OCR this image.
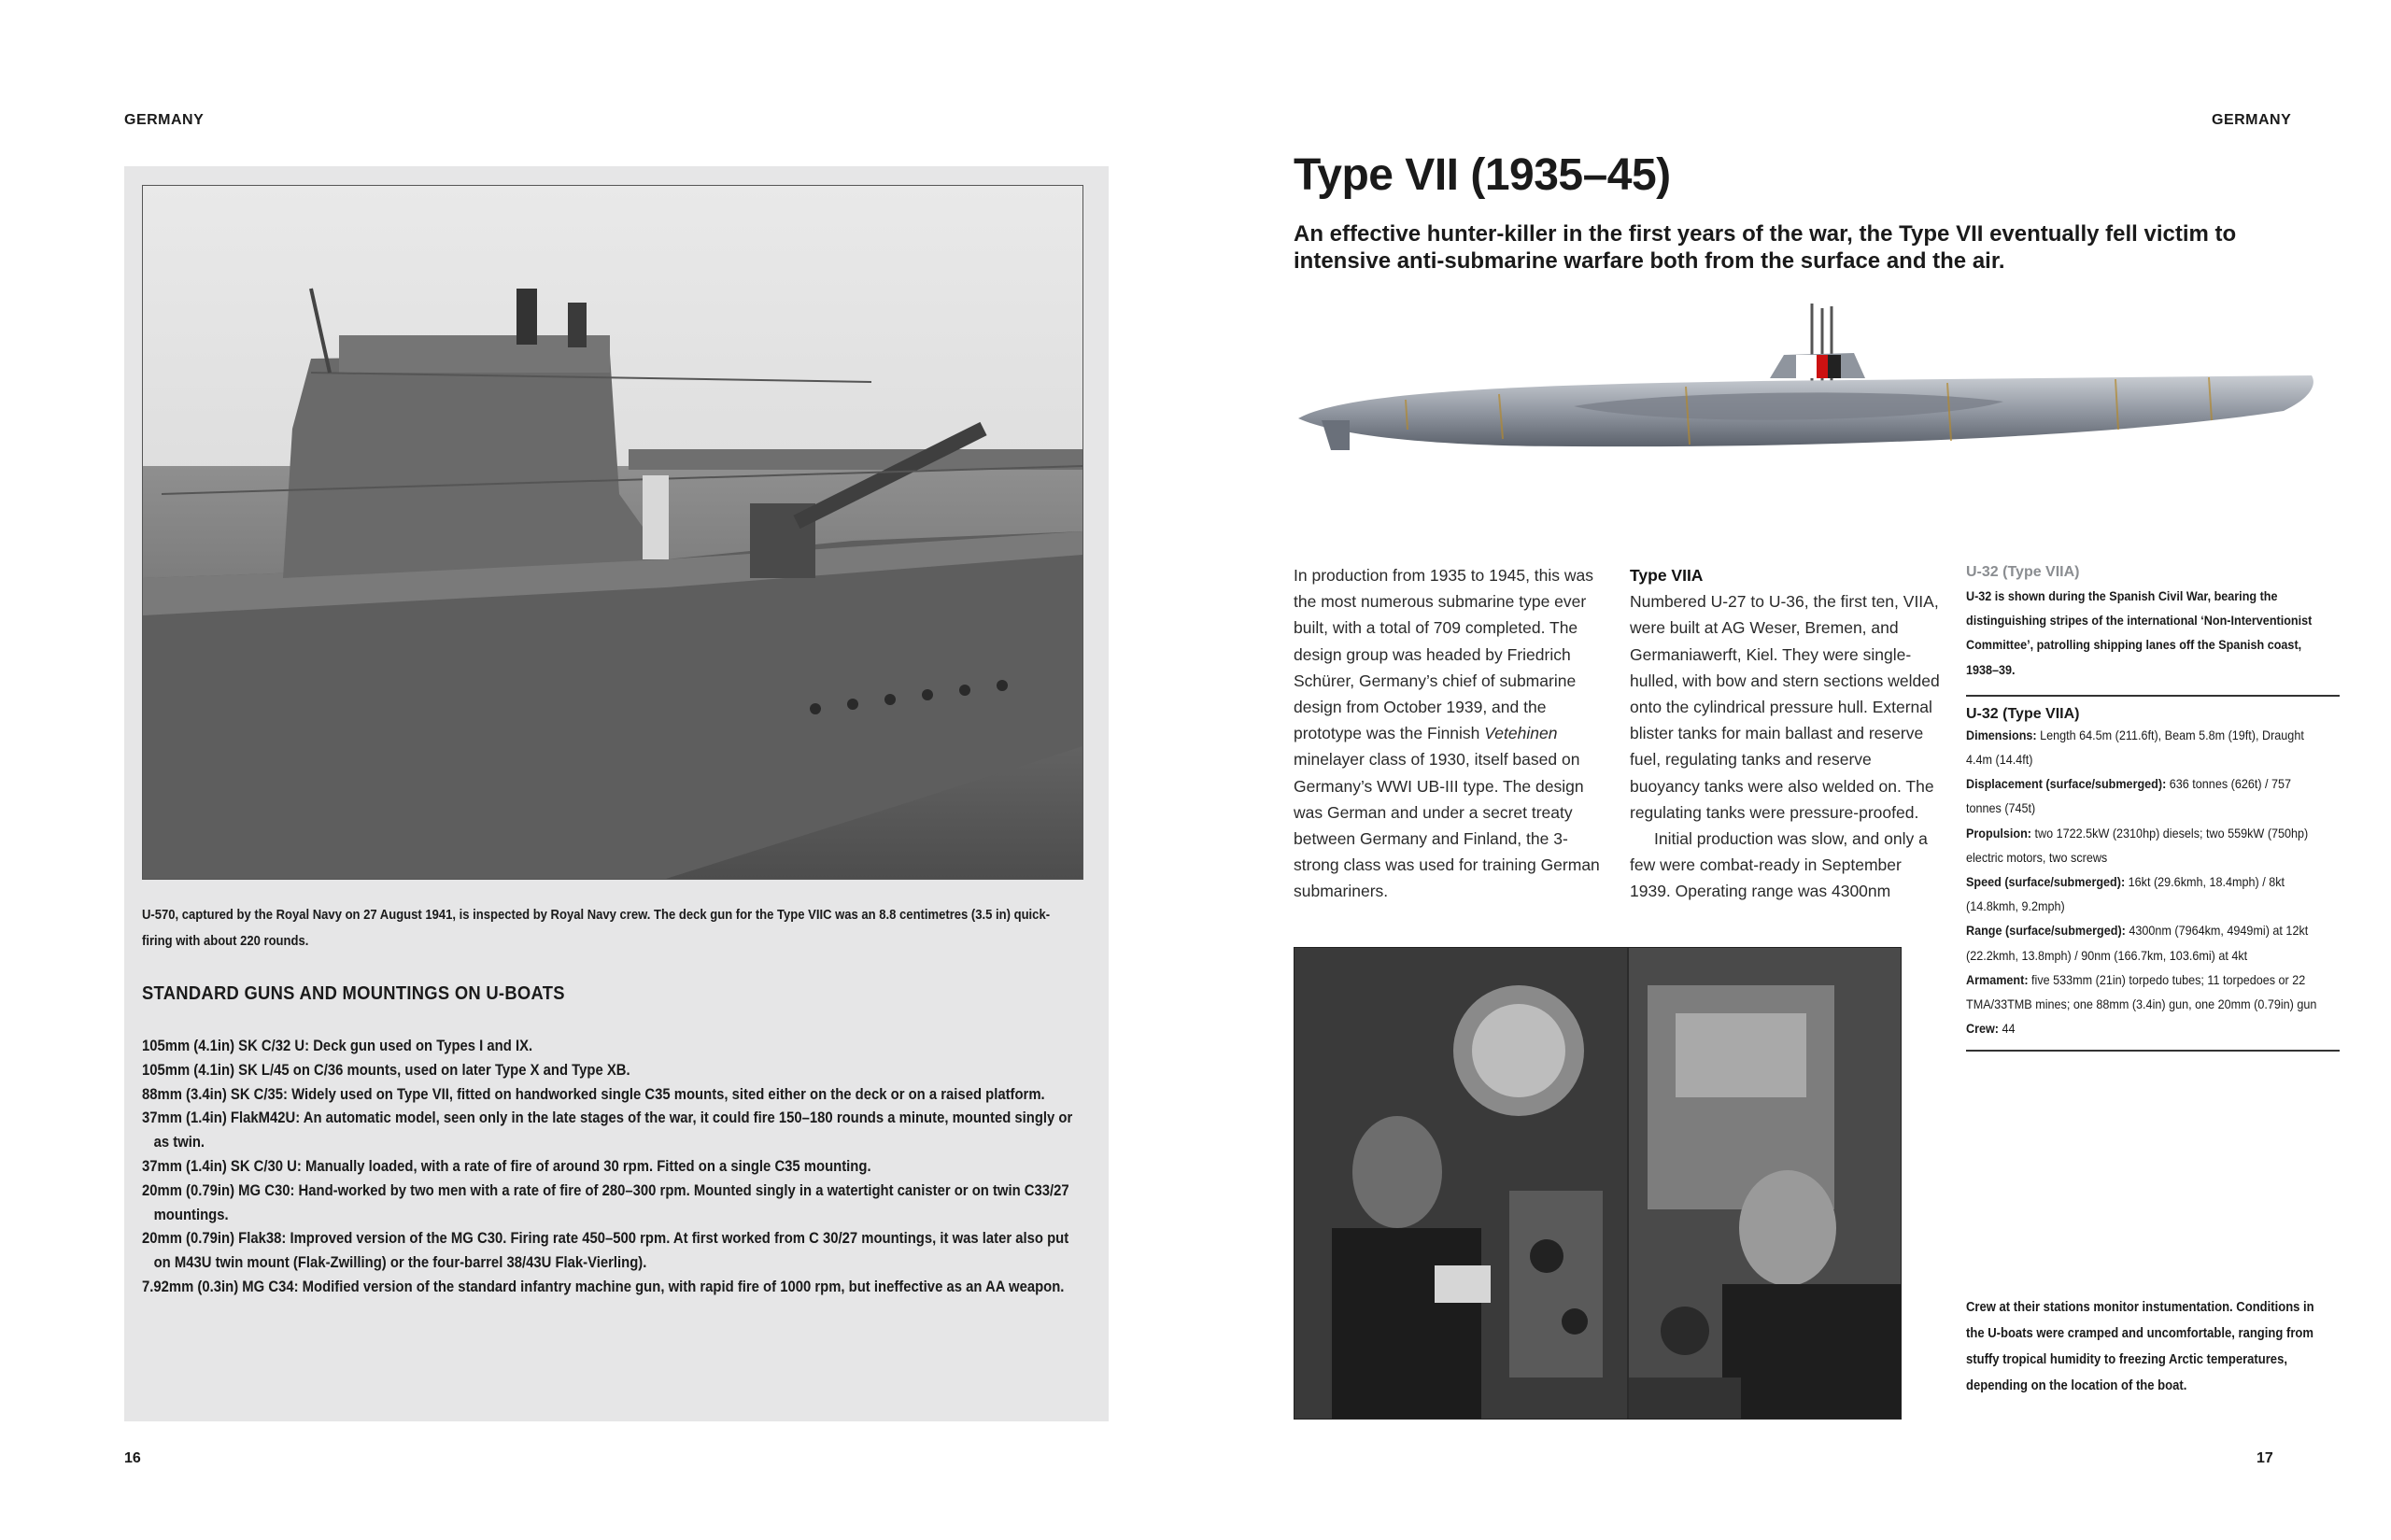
GERMANY	GERMANY
16	17
U-570, captured by the Royal Navy on 27 August 1941, is inspected by Royal Navy crew. The deck gun for the Type VIIC was an 8.8 centimetres (3.5 in) quick-firing with about 220 rounds.
STANDARD GUNS AND MOUNTINGS ON U-BOATS
105mm (4.1in) SK C/32 U: Deck gun used on Types I and IX.
105mm (4.1in) SK L/45 on C/36 mounts, used on later Type X and Type XB.
88mm (3.4in) SK C/35: Widely used on Type VII, fitted on handworked single C35 mounts, sited either on the deck or on a raised platform.
37mm (1.4in) FlakM42U: An automatic model, seen only in the late stages of the war, it could fire 150–180 rounds a minute, mounted singly or as twin.
37mm (1.4in) SK C/30 U: Manually loaded, with a rate of fire of around 30 rpm. Fitted on a single C35 mounting.
20mm (0.79in) MG C30: Hand-worked by two men with a rate of fire of 280–300 rpm. Mounted singly in a watertight canister or on twin C33/27 mountings.
20mm (0.79in) Flak38: Improved version of the MG C30. Firing rate 450–500 rpm. At first worked from C 30/27 mountings, it was later also put on M43U twin mount (Flak-Zwilling) or the four-barrel 38/43U Flak-Vierling).
7.92mm (0.3in) MG C34: Modified version of the standard infantry machine gun, with rapid fire of 1000 rpm, but ineffective as an AA weapon.
Type VII (1935–45)
An effective hunter-killer in the first years of the war, the Type VII eventually fell victim to intensive anti-submarine warfare both from the surface and the air.
In production from 1935 to 1945, this was the most numerous submarine type ever built, with a total of 709 completed. The design group was headed by Friedrich Schürer, Germany’s chief of submarine design from October 1939, and the prototype was the Finnish Vetehinen minelayer class of 1930, itself based on Germany’s WWI UB-III type. The design was German and under a secret treaty between Germany and Finland, the 3-strong class was used for training German submariners.
Type VIIA

Numbered U-27 to U-36, the first ten, VIIA, were built at AG Weser, Bremen, and Germaniawerft, Kiel. They were single-hulled, with bow and stern sections welded onto the cylindrical pressure hull. External blister tanks for main ballast and reserve fuel, regulating tanks and reserve buoyancy tanks were also welded on. The regulating tanks were pressure-proofed.

Initial production was slow, and only a few were combat-ready in September 1939. Operating range was 4300nm

U-32 (Type VIIA)
U-32 is shown during the Spanish Civil War, bearing the distinguishing stripes of the international ‘Non-Interventionist Committee’, patrolling shipping lanes off the Spanish coast, 1938–39.
U-32 (Type VIIA)
Dimensions: Length 64.5m (211.6ft), Beam 5.8m (19ft), Draught 4.4m (14.4ft)
Displacement (surface/submerged): 636 tonnes (626t) / 757 tonnes (745t)
Propulsion: two 1722.5kW (2310hp) diesels; two 559kW (750hp) electric motors, two screws
Speed (surface/submerged): 16kt (29.6kmh, 18.4mph) / 8kt (14.8kmh, 9.2mph)
Range (surface/submerged): 4300nm (7964km, 4949mi) at 12kt (22.2kmh, 13.8mph) / 90nm (166.7km, 103.6mi) at 4kt
Armament: five 533mm (21in) torpedo tubes; 11 torpedoes or 22 TMA/33TMB mines; one 88mm (3.4in) gun, one 20mm (0.79in) gun
Crew: 44
Crew at their stations monitor instumentation. Conditions in the U-boats were cramped and uncomfortable, ranging from stuffy tropical humidity to freezing Arctic temperatures, depending on the location of the boat.
